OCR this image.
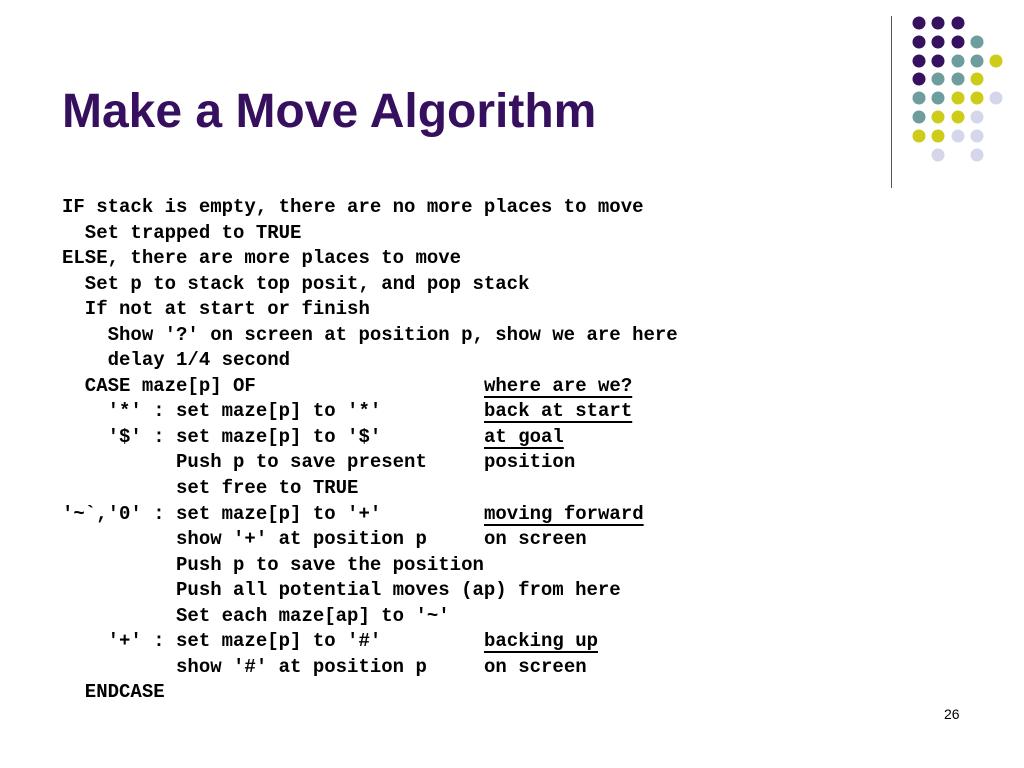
Make a Move Algorithm
IF stack is empty, there are no more places to move
Set trapped to TRUE
ELSE, there are more places to move
Set p to stack top posit, and pop stack
If not at start or finish
Show '?' on screen at position p, show we are here
delay 1/4 second
CASE maze[p] OF	where are we?
'*' : set maze[p] to '*'	back at start
'$' : set maze[p] to '$'	at goal
Push p to save present	position
set free to TRUE
'~`,'0' : set maze[p] to '+'	moving forward
show '+' at position p	on screen
Push p to save the position
Push all potential moves (ap) from here
Set each maze[ap] to '~'
'+' : set maze[p] to '#'	backing up
show '#' at position p	on screen
ENDCASE
26
